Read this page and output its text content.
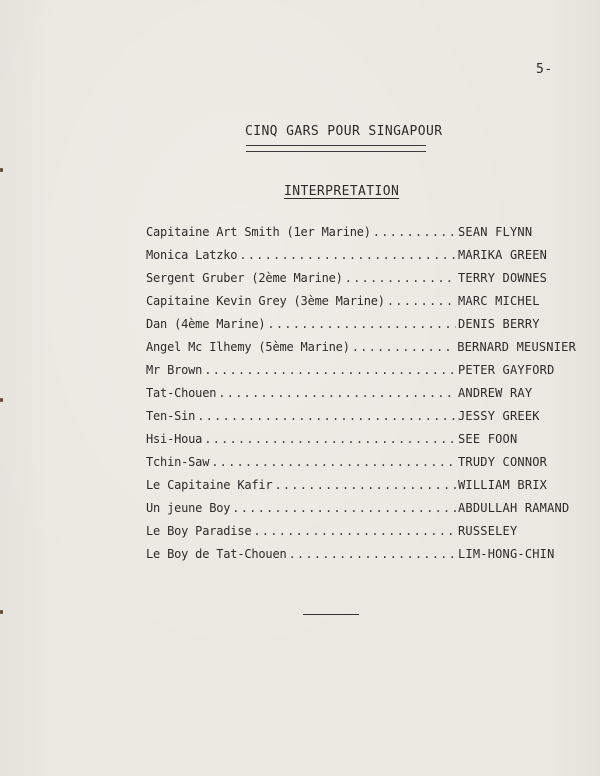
5-
CINQ GARS POUR SINGAPOUR
INTERPRETATION
Capitaine Art Smith (1er Marine) .....	SEAN FLYNN
Monica Latzko .....	MARIKA GREEN
Sergent Gruber (2ème Marine) .....	TERRY DOWNES
Capitaine Kevin Grey (3ème Marine) .....	MARC MICHEL
Dan (4ème Marine) .....	DENIS BERRY
Angel Mc Ilhemy (5ème Marine) .....	BERNARD MEUSNIER
Mr Brown .....	PETER GAYFORD
Tat-Chouen .....	ANDREW RAY
Ten-Sin .....	JESSY GREEK
Hsi-Houa .....	SEE FOON
Tchin-Saw .....	TRUDY CONNOR
Le Capitaine Kafir .....	WILLIAM BRIX
Un jeune Boy .....	ABDULLAH RAMAND
Le Boy Paradise .....	RUSSELEY
Le Boy de Tat-Chouen .....	LIM-HONG-CHIN
